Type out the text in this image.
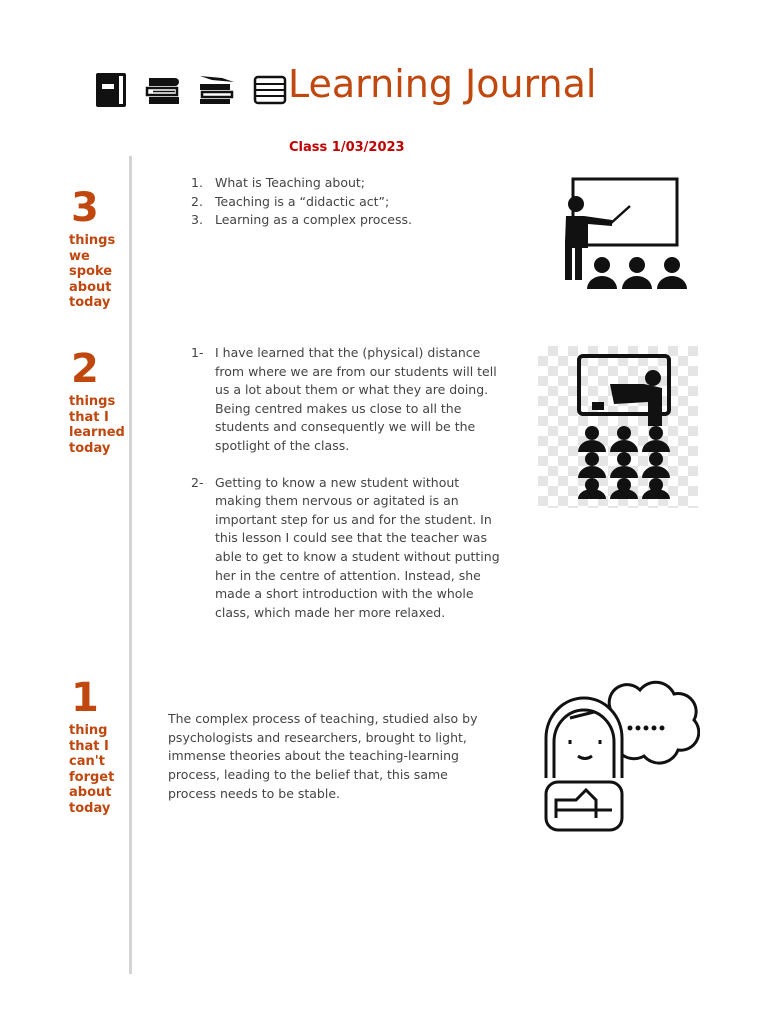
Learning Journal
Class 1/03/2023
3
things we spoke about today
1. What is Teaching about;
2. Teaching is a “didactic act”;
3. Learning as a complex process.
2
things that I learned today
1- I have learned that the (physical) distance from where we are from our students will tell us a lot about them or what they are doing. Being centred makes us close to all the students and consequently we will be the spotlight of the class.
2- Getting to know a new student without making them nervous or agitated is an important step for us and for the student. In this lesson I could see that the teacher was able to get to know a student without putting her in the centre of attention. Instead, she made a short introduction with the whole class, which made her more relaxed.
1
thing that I can't forget about today
The complex process of teaching, studied also by psychologists and researchers, brought to light, immense theories about the teaching-learning process, leading to the belief that, this same process needs to be stable.
